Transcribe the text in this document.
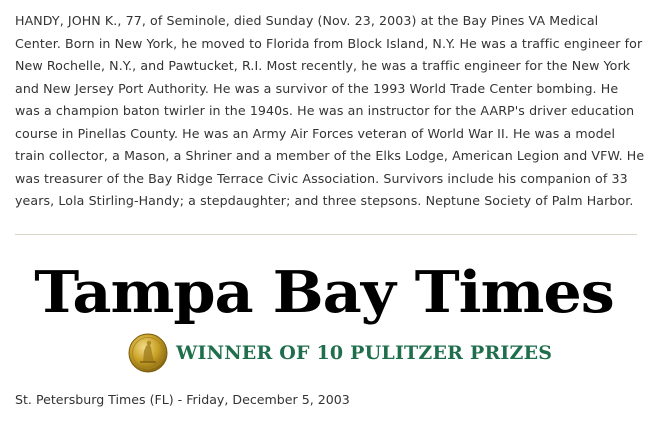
HANDY, JOHN K., 77, of Seminole, died Sunday (Nov. 23, 2003) at the Bay Pines VA Medical Center. Born in New York, he moved to Florida from Block Island, N.Y. He was a traffic engineer for New Rochelle, N.Y., and Pawtucket, R.I. Most recently, he was a traffic engineer for the New York and New Jersey Port Authority. He was a survivor of the 1993 World Trade Center bombing. He was a champion baton twirler in the 1940s. He was an instructor for the AARP's driver education course in Pinellas County. He was an Army Air Forces veteran of World War II. He was a model train collector, a Mason, a Shriner and a member of the Elks Lodge, American Legion and VFW. He was treasurer of the Bay Ridge Terrace Civic Association. Survivors include his companion of 33 years, Lola Stirling-Handy; a stepdaughter; and three stepsons. Neptune Society of Palm Harbor.

Tampa Bay Times
WINNER OF 10 PULITZER PRIZES

St. Petersburg Times (FL) - Friday, December 5, 2003
